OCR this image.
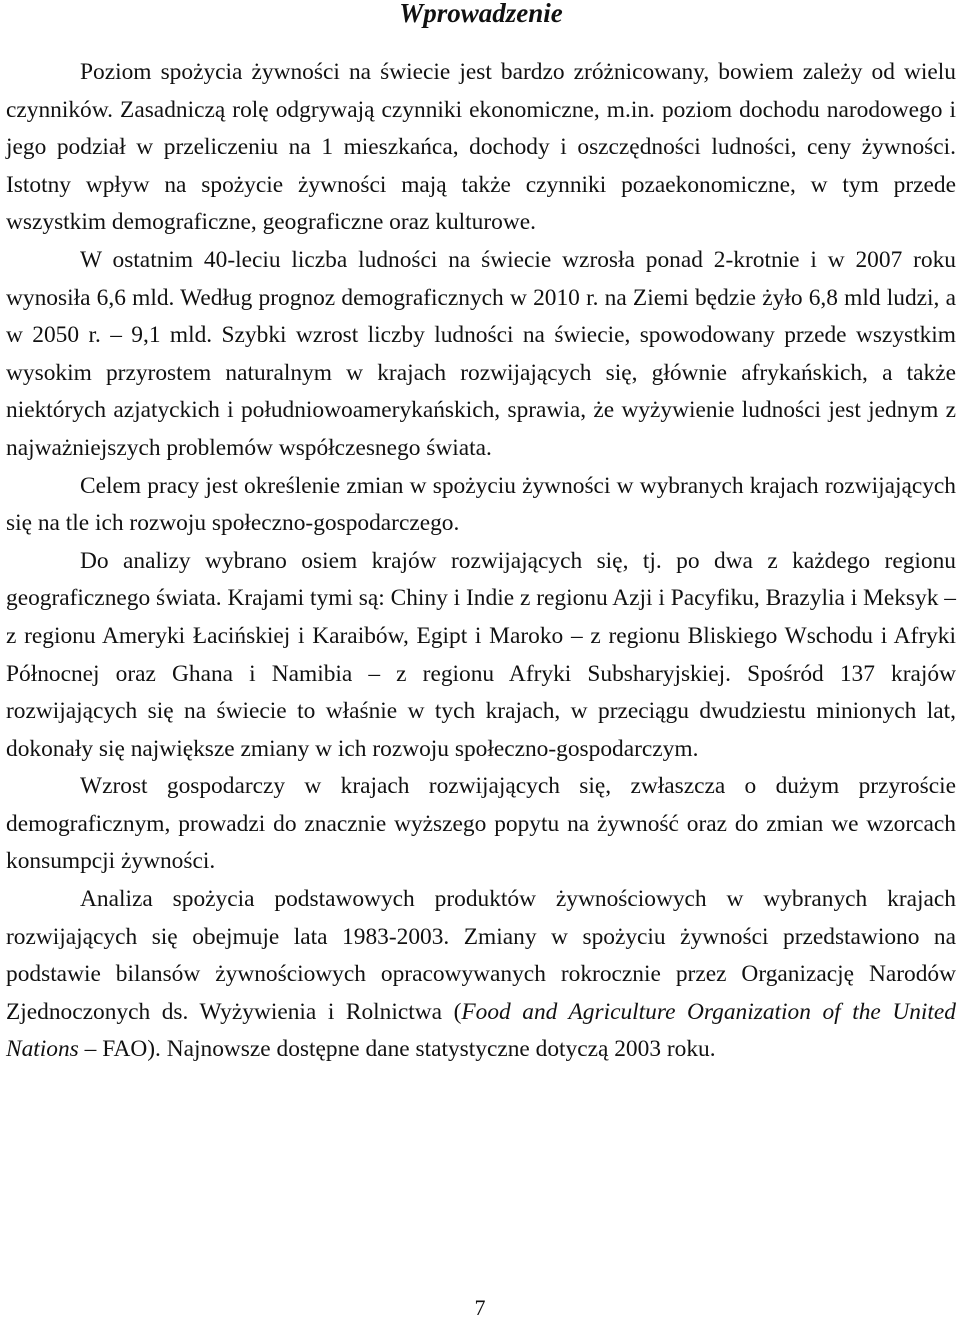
Wprowadzenie

Poziom spożycia żywności na świecie jest bardzo zróżnicowany, bowiem zależy od wielu czynników. Zasadniczą rolę odgrywają czynniki ekonomiczne, m.in. poziom dochodu narodowego i jego podział w przeliczeniu na 1 mieszkańca, dochody i oszczędności ludności, ceny żywności. Istotny wpływ na spożycie żywności mają także czynniki pozaekonomiczne, w tym przede wszystkim demograficzne, geograficzne oraz kulturowe.

W ostatnim 40-leciu liczba ludności na świecie wzrosła ponad 2-krotnie i w 2007 roku wynosiła 6,6 mld. Według prognoz demograficznych w 2010 r. na Ziemi będzie żyło 6,8 mld ludzi, a w 2050 r. – 9,1 mld. Szybki wzrost liczby ludności na świecie, spowodowany przede wszystkim wysokim przyrostem naturalnym w krajach rozwijających się, głównie afrykańskich, a także niektórych azjatyckich i południowoamerykańskich, sprawia, że wyżywienie ludności jest jednym z najważniejszych problemów współczesnego świata.

Celem pracy jest określenie zmian w spożyciu żywności w wybranych krajach rozwijających się na tle ich rozwoju społeczno-gospodarczego.

Do analizy wybrano osiem krajów rozwijających się, tj. po dwa z każdego regionu geograficznego świata. Krajami tymi są: Chiny i Indie z regionu Azji i Pacyfiku, Brazylia i Meksyk – z regionu Ameryki Łacińskiej i Karaibów, Egipt i Maroko – z regionu Bliskiego Wschodu i Afryki Północnej oraz Ghana i Namibia – z regionu Afryki Subsharyjskiej. Spośród 137 krajów rozwijających się na świecie to właśnie w tych krajach, w przeciągu dwudziestu minionych lat, dokonały się największe zmiany w ich rozwoju społeczno-gospodarczym.

Wzrost gospodarczy w krajach rozwijających się, zwłaszcza o dużym przyroście demograficznym, prowadzi do znacznie wyższego popytu na żywność oraz do zmian we wzorcach konsumpcji żywności.

Analiza spożycia podstawowych produktów żywnościowych w wybranych krajach rozwijających się obejmuje lata 1983-2003. Zmiany w spożyciu żywności przedstawiono na podstawie bilansów żywnościowych opracowywanych rokrocznie przez Organizację Narodów Zjednoczonych ds. Wyżywienia i Rolnictwa (Food and Agriculture Organization of the United Nations – FAO). Najnowsze dostępne dane statystyczne dotyczą 2003 roku.

7
